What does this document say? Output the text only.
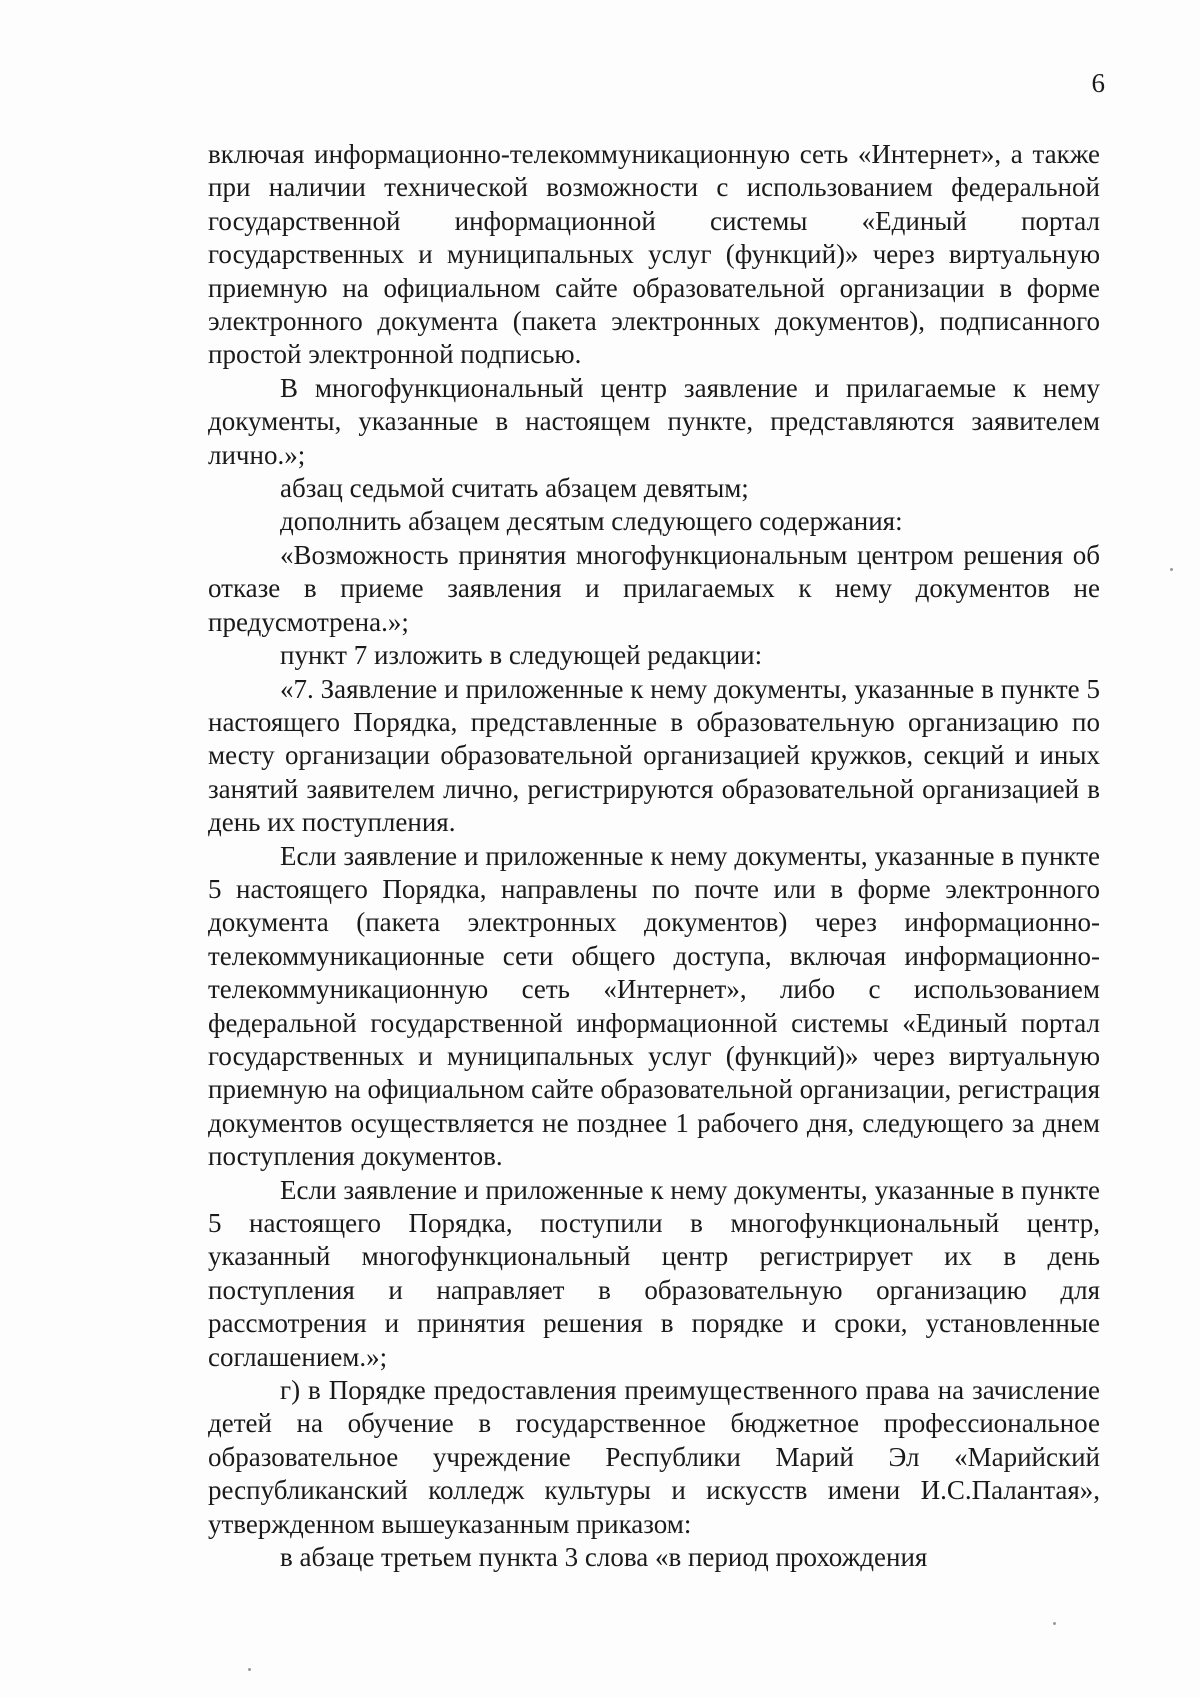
6

включая информационно-телекоммуникационную сеть «Интернет», а также при наличии технической возможности с использованием федеральной государственной информационной системы «Единый портал государственных и муниципальных услуг (функций)» через виртуальную приемную на официальном сайте образовательной организации в форме электронного документа (пакета электронных документов), подписанного простой электронной подписью.

В многофункциональный центр заявление и прилагаемые к нему документы, указанные в настоящем пункте, представляются заявителем лично.»;

абзац седьмой считать абзацем девятым;

дополнить абзацем десятым следующего содержания:

«Возможность принятия многофункциональным центром решения об отказе в приеме заявления и прилагаемых к нему документов не предусмотрена.»;

пункт 7 изложить в следующей редакции:

«7. Заявление и приложенные к нему документы, указанные в пункте 5 настоящего Порядка, представленные в образовательную организацию по месту организации образовательной организацией кружков, секций и иных занятий заявителем лично, регистрируются образовательной организацией в день их поступления.

Если заявление и приложенные к нему документы, указанные в пункте 5 настоящего Порядка, направлены по почте или в форме электронного документа (пакета электронных документов) через информационно-телекоммуникационные сети общего доступа, включая информационно-телекоммуникационную сеть «Интернет», либо с использованием федеральной государственной информационной системы «Единый портал государственных и муниципальных услуг (функций)» через виртуальную приемную на официальном сайте образовательной организации, регистрация документов осуществляется не позднее 1 рабочего дня, следующего за днем поступления документов.

Если заявление и приложенные к нему документы, указанные в пункте 5 настоящего Порядка, поступили в многофункциональный центр, указанный многофункциональный центр регистрирует их в день поступления и направляет в образовательную организацию для рассмотрения и принятия решения в порядке и сроки, установленные соглашением.»;

г) в Порядке предоставления преимущественного права на зачисление детей на обучение в государственное бюджетное профессиональное образовательное учреждение Республики Марий Эл «Марийский республиканский колледж культуры и искусств имени И.С.Палантая», утвержденном вышеуказанным приказом:

в абзаце третьем пункта 3 слова «в период прохождения
